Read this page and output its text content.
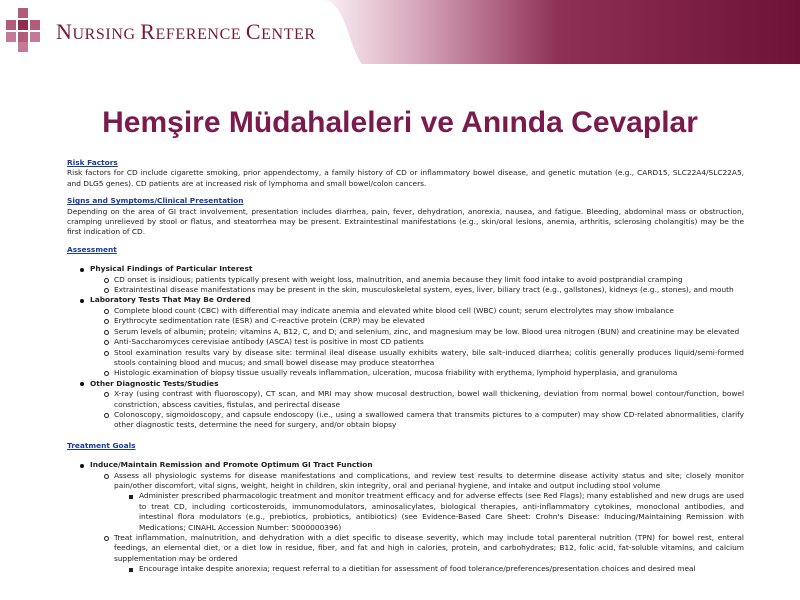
NURSING REFERENCE CENTER
Hemşire Müdahaleleri ve Anında Cevaplar
Risk Factors
Risk factors for CD include cigarette smoking, prior appendectomy, a family history of CD or inflammatory bowel disease, and genetic mutation (e.g., CARD15, SLC22A4/SLC22A5, and DLG5 genes). CD patients are at increased risk of lymphoma and small bowel/colon cancers.
Signs and Symptoms/Clinical Presentation
Depending on the area of GI tract involvement, presentation includes diarrhea, pain, fever, dehydration, anorexia, nausea, and fatigue. Bleeding, abdominal mass or obstruction, cramping unrelieved by stool or flatus, and steatorrhea may be present. Extraintestinal manifestations (e.g., skin/oral lesions, anemia, arthritis, sclerosing cholangitis) may be the first indication of CD.
Assessment
Physical Findings of Particular Interest
CD onset is insidious; patients typically present with weight loss, malnutrition, and anemia because they limit food intake to avoid postprandial cramping
Extraintestinal disease manifestations may be present in the skin, musculoskeletal system, eyes, liver, biliary tract (e.g., gallstones), kidneys (e.g., stones), and mouth
Laboratory Tests That May Be Ordered
Complete blood count (CBC) with differential may indicate anemia and elevated white blood cell (WBC) count; serum electrolytes may show imbalance
Erythrocyte sedimentation rate (ESR) and C-reactive protein (CRP) may be elevated
Serum levels of albumin; protein; vitamins A, B12, C, and D; and selenium, zinc, and magnesium may be low. Blood urea nitrogen (BUN) and creatinine may be elevated
Anti-Saccharomyces cerevisiae antibody (ASCA) test is positive in most CD patients
Stool examination results vary by disease site: terminal ileal disease usually exhibits watery, bile salt–induced diarrhea; colitis generally produces liquid/semi-formed stools containing blood and mucus; and small bowel disease may produce steatorrhea
Histologic examination of biopsy tissue usually reveals inflammation, ulceration, mucosa friability with erythema, lymphoid hyperplasia, and granuloma
Other Diagnostic Tests/Studies
X-ray (using contrast with fluoroscopy), CT scan, and MRI may show mucosal destruction, bowel wall thickening, deviation from normal bowel contour/function, bowel constriction, abscess cavities, fistulas, and perirectal disease
Colonoscopy, sigmoidoscopy, and capsule endoscopy (i.e., using a swallowed camera that transmits pictures to a computer) may show CD-related abnormalities, clarify other diagnostic tests, determine the need for surgery, and/or obtain biopsy
Treatment Goals
Induce/Maintain Remission and Promote Optimum GI Tract Function
Assess all physiologic systems for disease manifestations and complications, and review test results to determine disease activity status and site; closely monitor pain/other discomfort, vital signs, weight, height in children, skin integrity, oral and perianal hygiene, and intake and output including stool volume
Administer prescribed pharmacologic treatment and monitor treatment efficacy and for adverse effects (see Red Flags); many established and new drugs are used to treat CD, including corticosteroids, immunomodulators, aminosalicylates, biological therapies, anti-inflammatory cytokines, monoclonal antibodies, and intestinal flora modulators (e.g., prebiotics, probiotics, antibiotics) (see Evidence-Based Care Sheet: Crohn's Disease: Inducing/Maintaining Remission with Medications; CINAHL Accession Number: 5000000396)
Treat inflammation, malnutrition, and dehydration with a diet specific to disease severity, which may include total parenteral nutrition (TPN) for bowel rest, enteral feedings, an elemental diet, or a diet low in residue, fiber, and fat and high in calories, protein, and carbohydrates; B12, folic acid, fat-soluble vitamins, and calcium supplementation may be ordered
Encourage intake despite anorexia; request referral to a dietitian for assessment of food tolerance/preferences/presentation choices and desired meal
